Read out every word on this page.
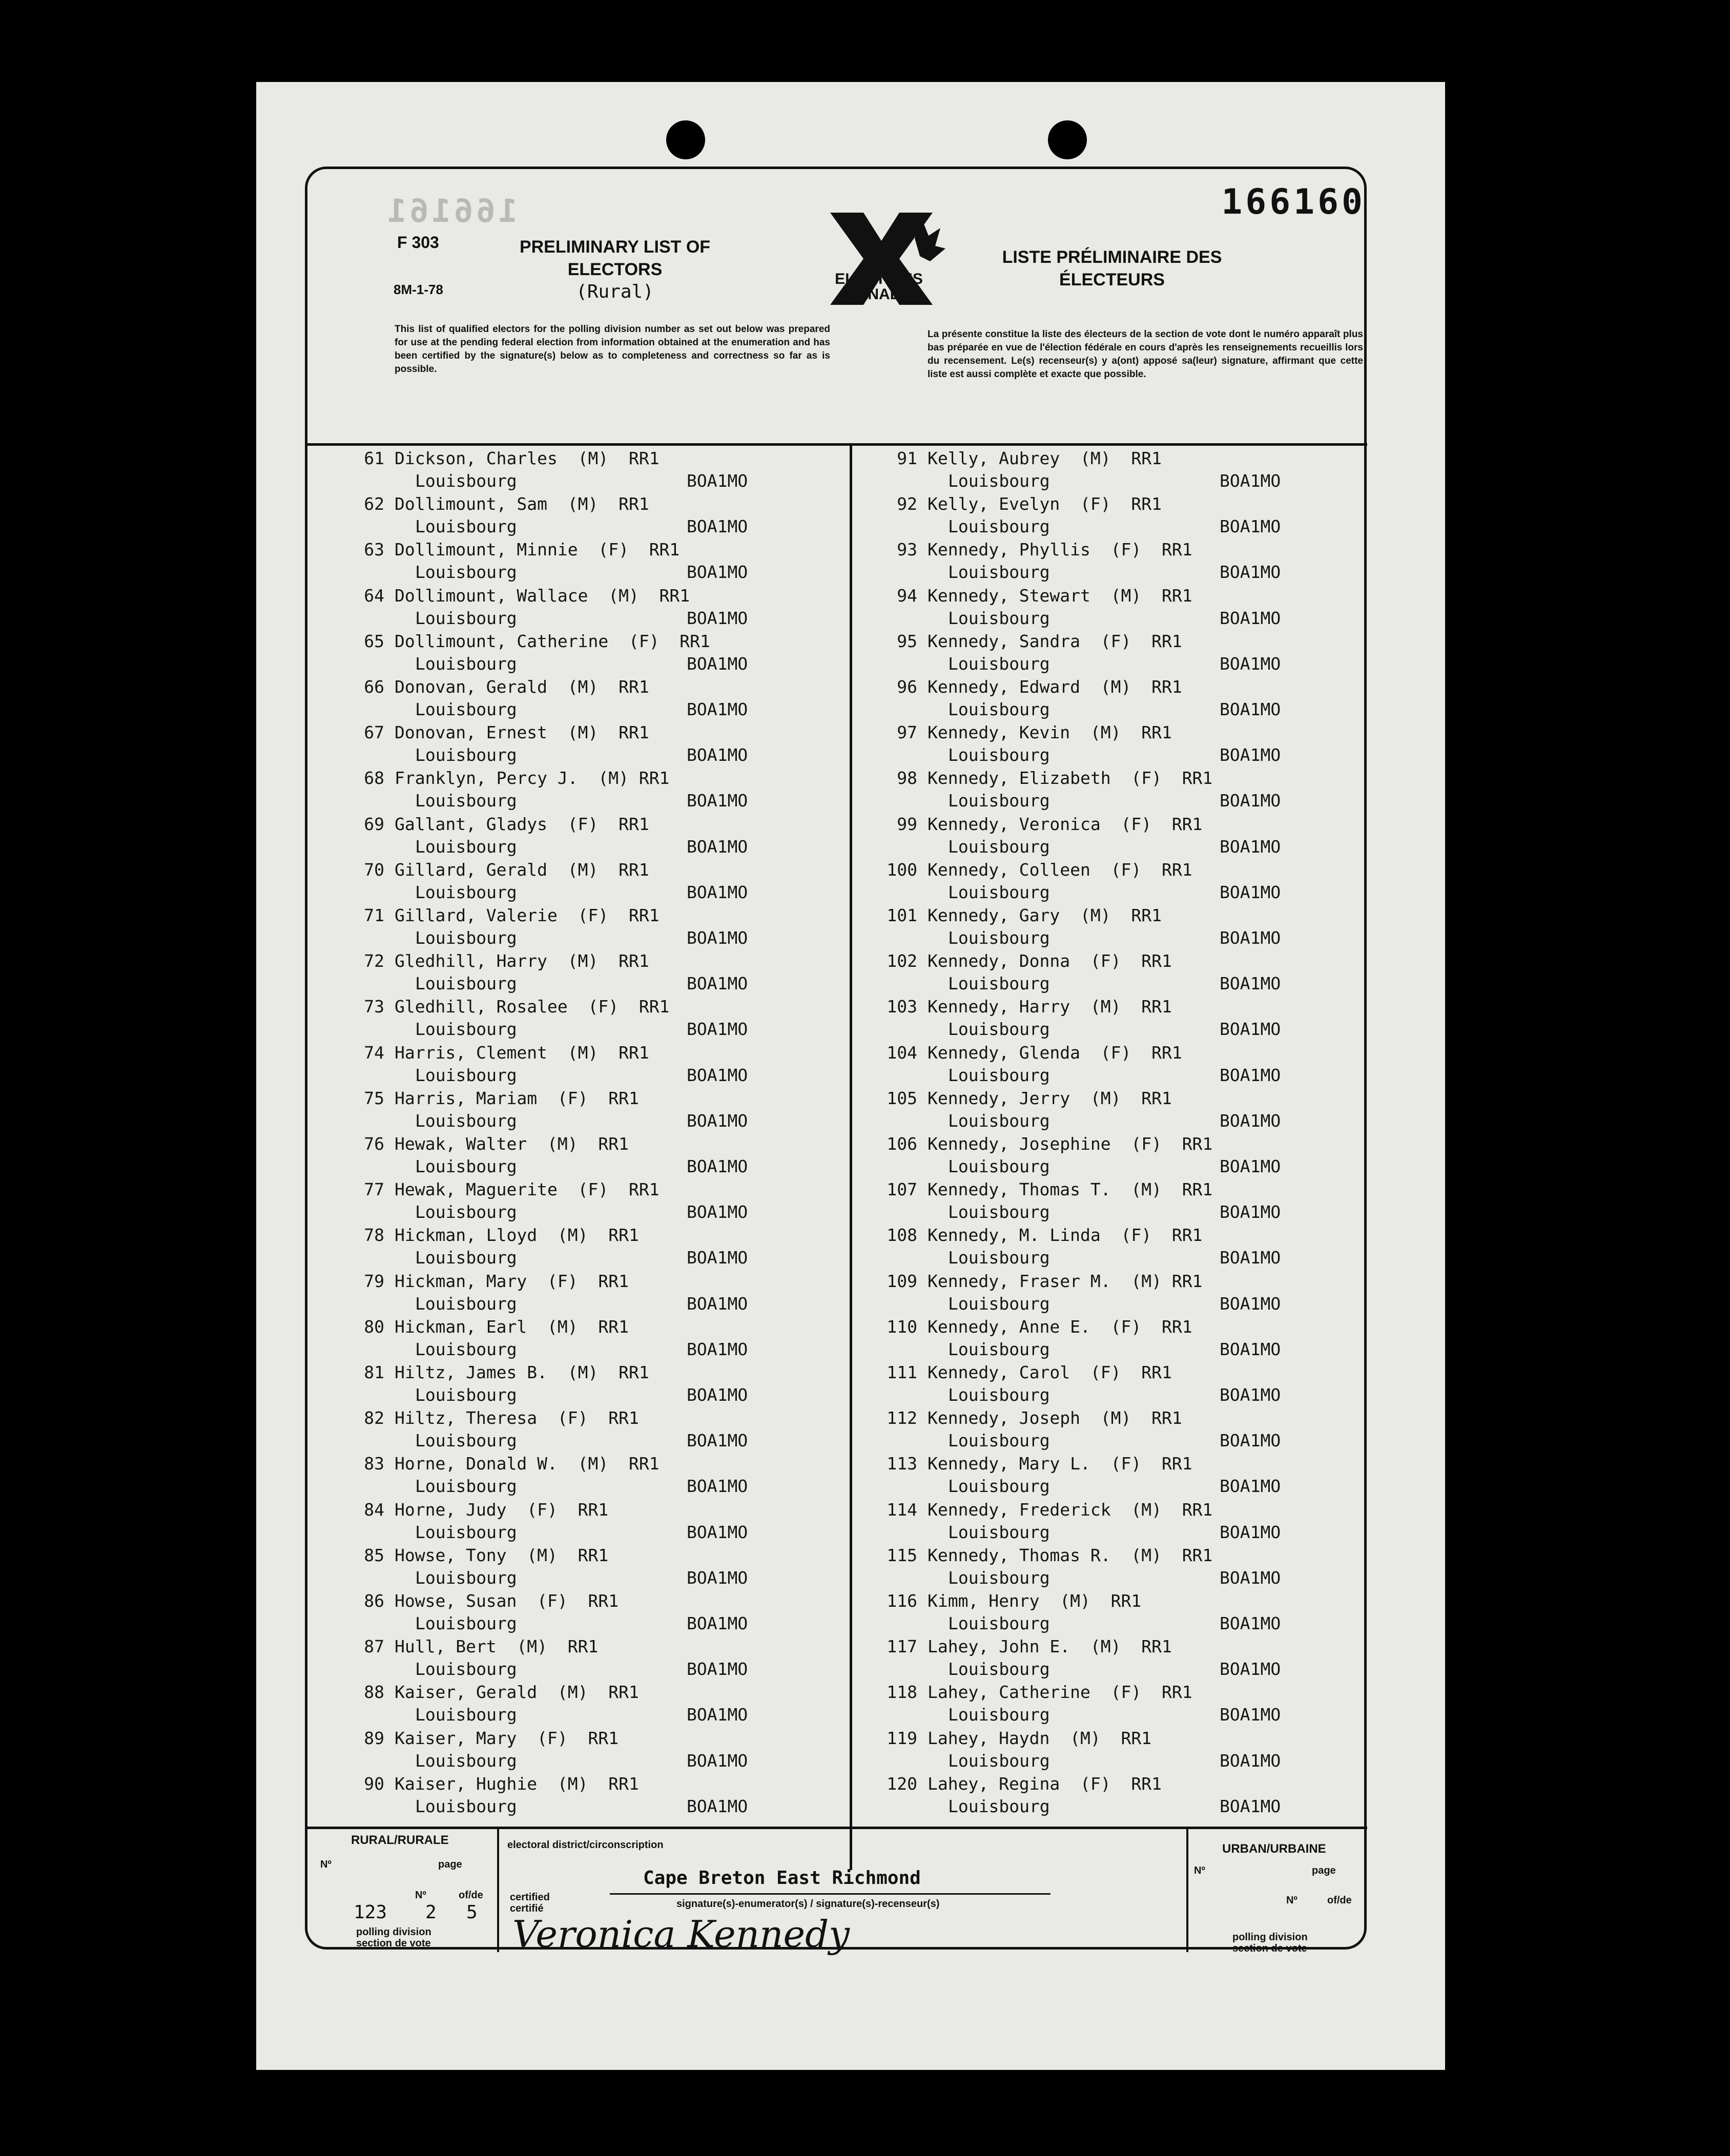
166161	166160
F 303
8M-1-78
PRELIMINARY LIST OF
ELECTORS
(Rural)
ELECTIONS
CANADA
LISTE PRÉLIMINAIRE DES
ÉLECTEURS
This list of qualified electors for the polling division number as set out below was prepared for use at the pending federal election from information obtained at the enumeration and has been certified by the signature(s) below as to completeness and correctness so far as is possible.
La présente constitue la liste des électeurs de la section de vote dont le numéro apparaît plus bas préparée en vue de l'élection fédérale en cours d'après les renseignements recueillis lors du recensement. Le(s) recenseur(s) y a(ont) apposé sa(leur) signature, affirmant que cette liste est aussi complète et exacte que possible.
61 Dickson, Charles  (M)  RR1
Louisbourg	BOA1MO
62 Dollimount, Sam  (M)  RR1
Louisbourg	BOA1MO
63 Dollimount, Minnie  (F)  RR1
Louisbourg	BOA1MO
64 Dollimount, Wallace  (M)  RR1
Louisbourg	BOA1MO
65 Dollimount, Catherine  (F)  RR1
Louisbourg	BOA1MO
66 Donovan, Gerald  (M)  RR1
Louisbourg	BOA1MO
67 Donovan, Ernest  (M)  RR1
Louisbourg	BOA1MO
68 Franklyn, Percy J.  (M) RR1
Louisbourg	BOA1MO
69 Gallant, Gladys  (F)  RR1
Louisbourg	BOA1MO
70 Gillard, Gerald  (M)  RR1
Louisbourg	BOA1MO
71 Gillard, Valerie  (F)  RR1
Louisbourg	BOA1MO
72 Gledhill, Harry  (M)  RR1
Louisbourg	BOA1MO
73 Gledhill, Rosalee  (F)  RR1
Louisbourg	BOA1MO
74 Harris, Clement  (M)  RR1
Louisbourg	BOA1MO
75 Harris, Mariam  (F)  RR1
Louisbourg	BOA1MO
76 Hewak, Walter  (M)  RR1
Louisbourg	BOA1MO
77 Hewak, Maguerite  (F)  RR1
Louisbourg	BOA1MO
78 Hickman, Lloyd  (M)  RR1
Louisbourg	BOA1MO
79 Hickman, Mary  (F)  RR1
Louisbourg	BOA1MO
80 Hickman, Earl  (M)  RR1
Louisbourg	BOA1MO
81 Hiltz, James B.  (M)  RR1
Louisbourg	BOA1MO
82 Hiltz, Theresa  (F)  RR1
Louisbourg	BOA1MO
83 Horne, Donald W.  (M)  RR1
Louisbourg	BOA1MO
84 Horne, Judy  (F)  RR1
Louisbourg	BOA1MO
85 Howse, Tony  (M)  RR1
Louisbourg	BOA1MO
86 Howse, Susan  (F)  RR1
Louisbourg	BOA1MO
87 Hull, Bert  (M)  RR1
Louisbourg	BOA1MO
88 Kaiser, Gerald  (M)  RR1
Louisbourg	BOA1MO
89 Kaiser, Mary  (F)  RR1
Louisbourg	BOA1MO
90 Kaiser, Hughie  (M)  RR1
Louisbourg	BOA1MO
91 Kelly, Aubrey  (M)  RR1
Louisbourg	BOA1MO
92 Kelly, Evelyn  (F)  RR1
Louisbourg	BOA1MO
93 Kennedy, Phyllis  (F)  RR1
Louisbourg	BOA1MO
94 Kennedy, Stewart  (M)  RR1
Louisbourg	BOA1MO
95 Kennedy, Sandra  (F)  RR1
Louisbourg	BOA1MO
96 Kennedy, Edward  (M)  RR1
Louisbourg	BOA1MO
97 Kennedy, Kevin  (M)  RR1
Louisbourg	BOA1MO
98 Kennedy, Elizabeth  (F)  RR1
Louisbourg	BOA1MO
99 Kennedy, Veronica  (F)  RR1
Louisbourg	BOA1MO
100 Kennedy, Colleen  (F)  RR1
Louisbourg	BOA1MO
101 Kennedy, Gary  (M)  RR1
Louisbourg	BOA1MO
102 Kennedy, Donna  (F)  RR1
Louisbourg	BOA1MO
103 Kennedy, Harry  (M)  RR1
Louisbourg	BOA1MO
104 Kennedy, Glenda  (F)  RR1
Louisbourg	BOA1MO
105 Kennedy, Jerry  (M)  RR1
Louisbourg	BOA1MO
106 Kennedy, Josephine  (F)  RR1
Louisbourg	BOA1MO
107 Kennedy, Thomas T.  (M)  RR1
Louisbourg	BOA1MO
108 Kennedy, M. Linda  (F)  RR1
Louisbourg	BOA1MO
109 Kennedy, Fraser M.  (M) RR1
Louisbourg	BOA1MO
110 Kennedy, Anne E.  (F)  RR1
Louisbourg	BOA1MO
111 Kennedy, Carol  (F)  RR1
Louisbourg	BOA1MO
112 Kennedy, Joseph  (M)  RR1
Louisbourg	BOA1MO
113 Kennedy, Mary L.  (F)  RR1
Louisbourg	BOA1MO
114 Kennedy, Frederick  (M)  RR1
Louisbourg	BOA1MO
115 Kennedy, Thomas R.  (M)  RR1
Louisbourg	BOA1MO
116 Kimm, Henry  (M)  RR1
Louisbourg	BOA1MO
117 Lahey, John E.  (M)  RR1
Louisbourg	BOA1MO
118 Lahey, Catherine  (F)  RR1
Louisbourg	BOA1MO
119 Lahey, Haydn  (M)  RR1
Louisbourg	BOA1MO
120 Lahey, Regina  (F)  RR1
Louisbourg	BOA1MO
RURAL/RURALE
Nº	page
Nº	of/de
123 2 5
polling division
section de vote
electoral district/circonscription
Cape Breton East Richmond
certified
certifié	signature(s)-enumerator(s) / signature(s)-recenseur(s)
Veronica Kennedy
URBAN/URBAINE
Nº	page
Nº	of/de
polling division
section de vote
